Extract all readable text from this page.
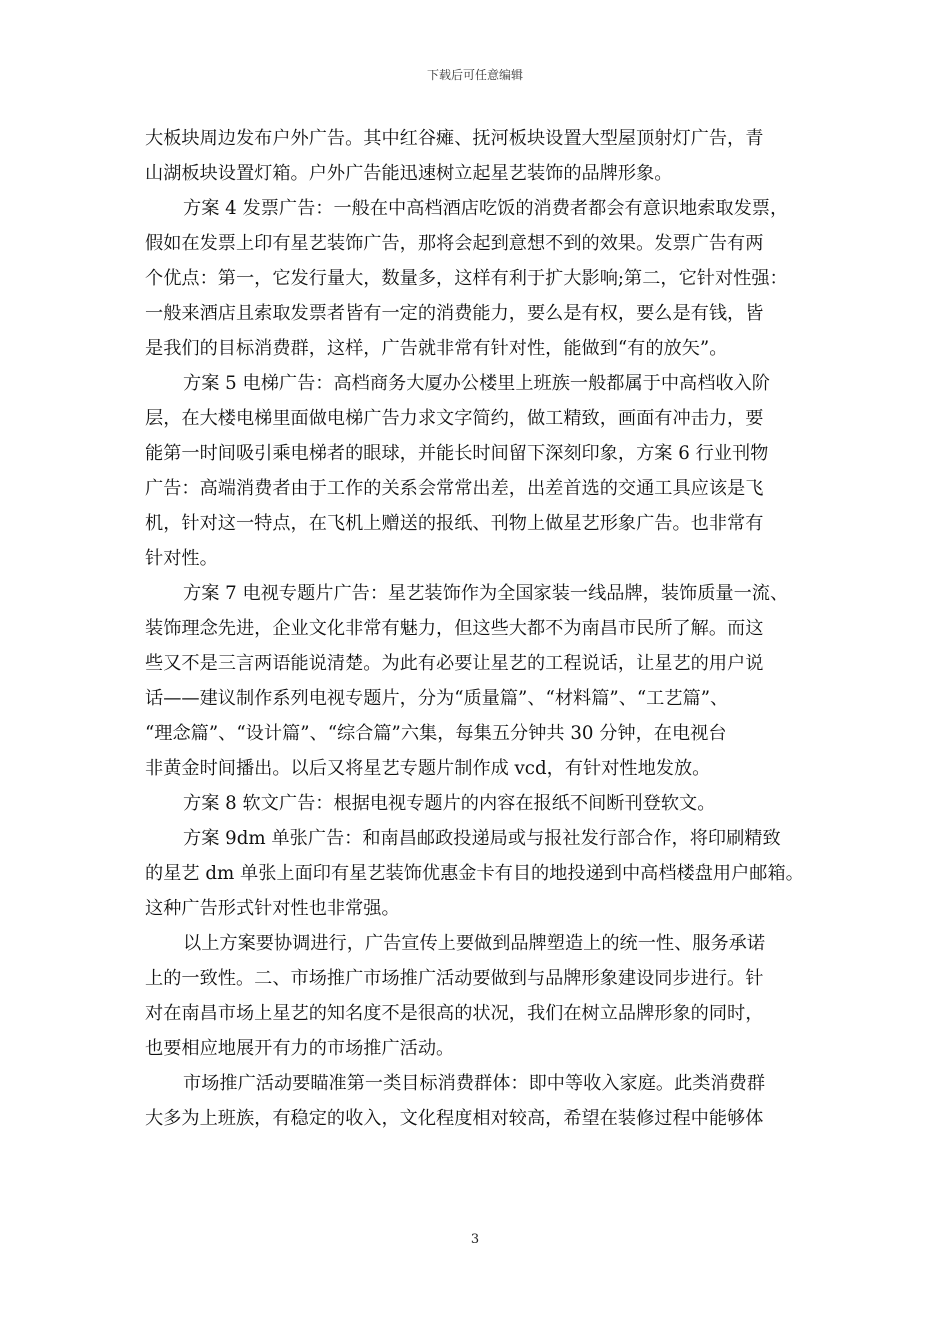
下载后可任意编辑
大板块周边发布户外广告。其中红谷瘫、抚河板块设置大型屋顶射灯广告，青
山湖板块设置灯箱。户外广告能迅速树立起星艺装饰的品牌形象。
方案 4 发票广告：一般在中高档酒店吃饭的消费者都会有意识地索取发票，
假如在发票上印有星艺装饰广告，那将会起到意想不到的效果。发票广告有两
个优点：第一，它发行量大，数量多，这样有利于扩大影响;第二，它针对性强：
一般来酒店且索取发票者皆有一定的消费能力，要么是有权，要么是有钱，皆
是我们的目标消费群，这样，广告就非常有针对性，能做到“有的放矢”。
方案 5 电梯广告：高档商务大厦办公楼里上班族一般都属于中高档收入阶
层，在大楼电梯里面做电梯广告力求文字简约，做工精致，画面有冲击力，要
能第一时间吸引乘电梯者的眼球，并能长时间留下深刻印象，方案 6 行业刊物
广告：高端消费者由于工作的关系会常常出差，出差首选的交通工具应该是飞
机，针对这一特点，在飞机上赠送的报纸、刊物上做星艺形象广告。也非常有
针对性。
方案 7 电视专题片广告：星艺装饰作为全国家装一线品牌，装饰质量一流、
装饰理念先进，企业文化非常有魅力，但这些大都不为南昌市民所了解。而这
些又不是三言两语能说清楚。为此有必要让星艺的工程说话，让星艺的用户说
话——建议制作系列电视专题片，分为“质量篇”、“材料篇”、“工艺篇”、
“理念篇”、“设计篇”、“综合篇”六集，每集五分钟共 30 分钟，在电视台
非黄金时间播出。以后又将星艺专题片制作成 vcd，有针对性地发放。
方案 8 软文广告：根据电视专题片的内容在报纸不间断刊登软文。
方案 9dm 单张广告：和南昌邮政投递局或与报社发行部合作，将印刷精致
的星艺 dm 单张上面印有星艺装饰优惠金卡有目的地投递到中高档楼盘用户邮箱。
这种广告形式针对性也非常强。
以上方案要协调进行，广告宣传上要做到品牌塑造上的统一性、服务承诺
上的一致性。二、市场推广市场推广活动要做到与品牌形象建设同步进行。针
对在南昌市场上星艺的知名度不是很高的状况，我们在树立品牌形象的同时，
也要相应地展开有力的市场推广活动。
市场推广活动要瞄准第一类目标消费群体：即中等收入家庭。此类消费群
大多为上班族，有稳定的收入，文化程度相对较高，希望在装修过程中能够体
3
